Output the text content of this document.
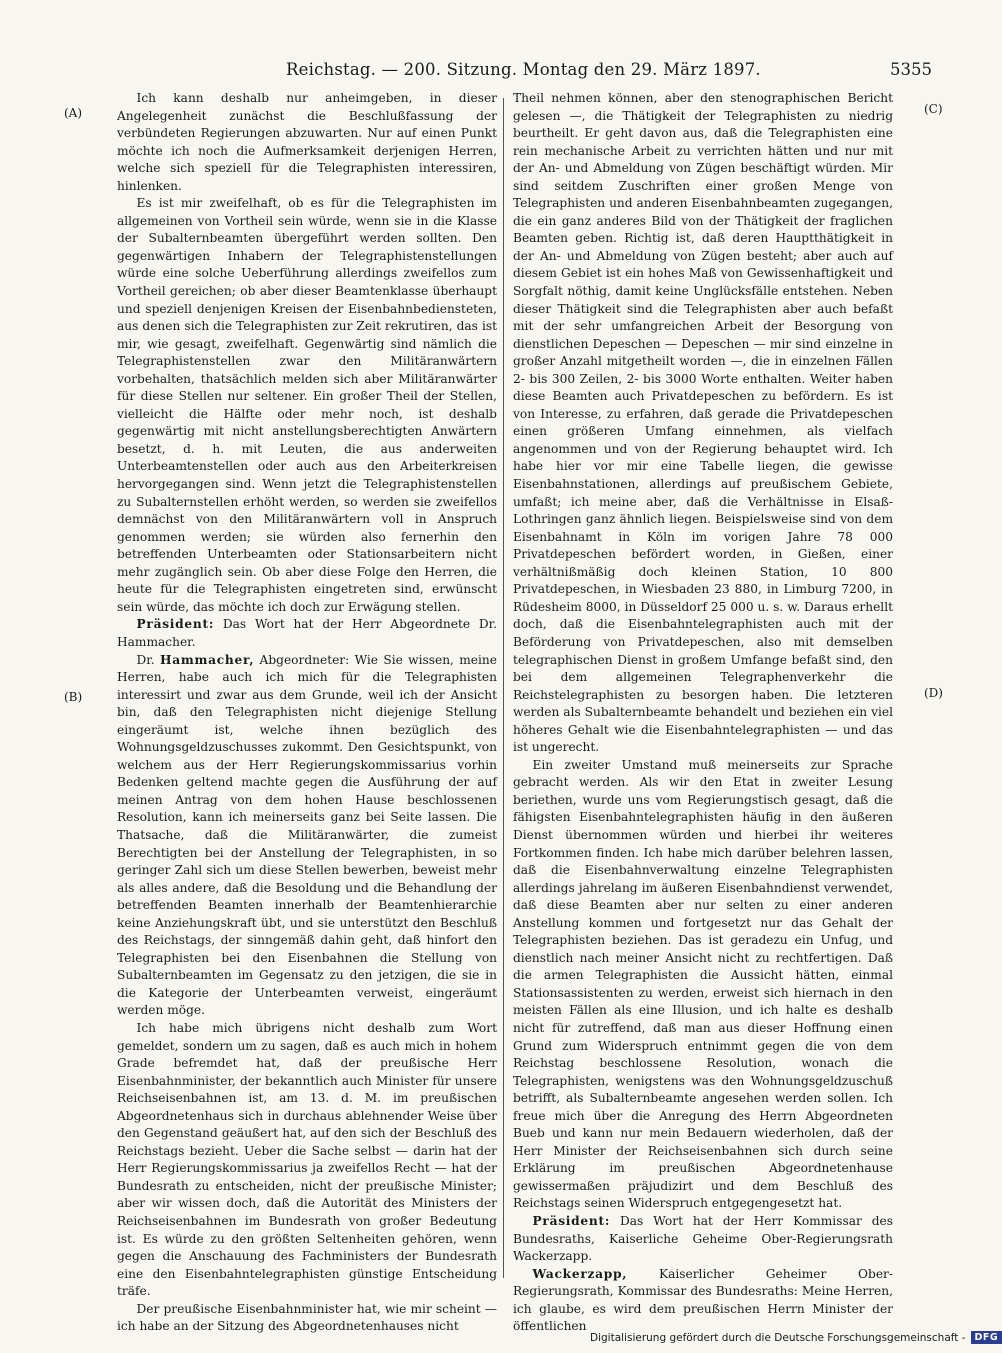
Reichstag. — 200. Sitzung. Montag den 29. März 1897.	5355
(A)
(B)
(C)
(D)

Ich kann deshalb nur anheimgeben, in dieser Angelegenheit zunächst die Beschlußfassung der verbündeten Regierungen abzuwarten. Nur auf einen Punkt möchte ich noch die Aufmerksamkeit derjenigen Herren, welche sich speziell für die Telegraphisten interessiren, hinlenken.

Es ist mir zweifelhaft, ob es für die Telegraphisten im allgemeinen von Vortheil sein würde, wenn sie in die Klasse der Subalternbeamten übergeführt werden sollten. Den gegenwärtigen Inhabern der Telegraphistenstellungen würde eine solche Ueberführung allerdings zweifellos zum Vortheil gereichen; ob aber dieser Beamtenklasse überhaupt und speziell denjenigen Kreisen der Eisenbahnbediensteten, aus denen sich die Telegraphisten zur Zeit rekrutiren, das ist mir, wie gesagt, zweifelhaft. Gegenwärtig sind nämlich die Telegraphistenstellen zwar den Militäranwärtern vorbehalten, thatsächlich melden sich aber Militäranwärter für diese Stellen nur seltener. Ein großer Theil der Stellen, vielleicht die Hälfte oder mehr noch, ist deshalb gegenwärtig mit nicht anstellungsberechtigten Anwärtern besetzt, d. h. mit Leuten, die aus anderweiten Unterbeamtenstellen oder auch aus den Arbeiterkreisen hervorgegangen sind. Wenn jetzt die Telegraphistenstellen zu Subalternstellen erhöht werden, so werden sie zweifellos demnächst von den Militäranwärtern voll in Anspruch genommen werden; sie würden also fernerhin den betreffenden Unterbeamten oder Stationsarbeitern nicht mehr zugänglich sein. Ob aber diese Folge den Herren, die heute für die Telegraphisten eingetreten sind, erwünscht sein würde, das möchte ich doch zur Erwägung stellen.

Präsident: Das Wort hat der Herr Abgeordnete Dr. Hammacher.

Dr. Hammacher, Abgeordneter: Wie Sie wissen, meine Herren, habe auch ich mich für die Telegraphisten interessirt und zwar aus dem Grunde, weil ich der Ansicht bin, daß den Telegraphisten nicht diejenige Stellung eingeräumt ist, welche ihnen bezüglich des Wohnungsgeldzuschusses zukommt. Den Gesichtspunkt, von welchem aus der Herr Regierungskommissarius vorhin Bedenken geltend machte gegen die Ausführung der auf meinen Antrag von dem hohen Hause beschlossenen Resolution, kann ich meinerseits ganz bei Seite lassen. Die Thatsache, daß die Militäranwärter, die zumeist Berechtigten bei der Anstellung der Telegraphisten, in so geringer Zahl sich um diese Stellen bewerben, beweist mehr als alles andere, daß die Besoldung und die Behandlung der betreffenden Beamten innerhalb der Beamtenhierarchie keine Anziehungskraft übt, und sie unterstützt den Beschluß des Reichstags, der sinngemäß dahin geht, daß hinfort den Telegraphisten bei den Eisenbahnen die Stellung von Subalternbeamten im Gegensatz zu den jetzigen, die sie in die Kategorie der Unterbeamten verweist, eingeräumt werden möge.

Ich habe mich übrigens nicht deshalb zum Wort gemeldet, sondern um zu sagen, daß es auch mich in hohem Grade befremdet hat, daß der preußische Herr Eisenbahnminister, der bekanntlich auch Minister für unsere Reichseisenbahnen ist, am 13. d. M. im preußischen Abgeordnetenhaus sich in durchaus ablehnender Weise über den Gegenstand geäußert hat, auf den sich der Beschluß des Reichstags bezieht. Ueber die Sache selbst — darin hat der Herr Regierungskommissarius ja zweifellos Recht — hat der Bundesrath zu entscheiden, nicht der preußische Minister; aber wir wissen doch, daß die Autorität des Ministers der Reichseisenbahnen im Bundesrath von großer Bedeutung ist. Es würde zu den größten Seltenheiten gehören, wenn gegen die Anschauung des Fachministers der Bundesrath eine den Eisenbahntelegraphisten günstige Entscheidung träfe.

Der preußische Eisenbahnminister hat, wie mir scheint — ich habe an der Sitzung des Abgeordnetenhauses nicht

Theil nehmen können, aber den stenographischen Bericht gelesen —, die Thätigkeit der Telegraphisten zu niedrig beurtheilt. Er geht davon aus, daß die Telegraphisten eine rein mechanische Arbeit zu verrichten hätten und nur mit der An- und Abmeldung von Zügen beschäftigt würden. Mir sind seitdem Zuschriften einer großen Menge von Telegraphisten und anderen Eisenbahnbeamten zugegangen, die ein ganz anderes Bild von der Thätigkeit der fraglichen Beamten geben. Richtig ist, daß deren Hauptthätigkeit in der An- und Abmeldung von Zügen besteht; aber auch auf diesem Gebiet ist ein hohes Maß von Gewissenhaftigkeit und Sorgfalt nöthig, damit keine Unglücksfälle entstehen. Neben dieser Thätigkeit sind die Telegraphisten aber auch befaßt mit der sehr umfangreichen Arbeit der Besorgung von dienstlichen Depeschen — Depeschen — mir sind einzelne in großer Anzahl mitgetheilt worden —, die in einzelnen Fällen 2- bis 300 Zeilen, 2- bis 3000 Worte enthalten. Weiter haben diese Beamten auch Privatdepeschen zu befördern. Es ist von Interesse, zu erfahren, daß gerade die Privatdepeschen einen größeren Umfang einnehmen, als vielfach angenommen und von der Regierung behauptet wird. Ich habe hier vor mir eine Tabelle liegen, die gewisse Eisenbahnstationen, allerdings auf preußischem Gebiete, umfaßt; ich meine aber, daß die Verhältnisse in Elsaß-Lothringen ganz ähnlich liegen. Beispielsweise sind von dem Eisenbahnamt in Köln im vorigen Jahre 78 000 Privatdepeschen befördert worden, in Gießen, einer verhältnißmäßig doch kleinen Station, 10 800 Privatdepeschen, in Wiesbaden 23 880, in Limburg 7200, in Rüdesheim 8000, in Düsseldorf 25 000 u. s. w. Daraus erhellt doch, daß die Eisenbahntelegraphisten auch mit der Beförderung von Privatdepeschen, also mit demselben telegraphischen Dienst in großem Umfange befaßt sind, den bei dem allgemeinen Telegraphenverkehr die Reichstelegraphisten zu besorgen haben. Die letzteren werden als Subalternbeamte behandelt und beziehen ein viel höheres Gehalt wie die Eisenbahntelegraphisten — und das ist ungerecht.

Ein zweiter Umstand muß meinerseits zur Sprache gebracht werden. Als wir den Etat in zweiter Lesung beriethen, wurde uns vom Regierungstisch gesagt, daß die fähigsten Eisenbahntelegraphisten häufig in den äußeren Dienst übernommen würden und hierbei ihr weiteres Fortkommen finden. Ich habe mich darüber belehren lassen, daß die Eisenbahnverwaltung einzelne Telegraphisten allerdings jahrelang im äußeren Eisenbahndienst verwendet, daß diese Beamten aber nur selten zu einer anderen Anstellung kommen und fortgesetzt nur das Gehalt der Telegraphisten beziehen. Das ist geradezu ein Unfug, und dienstlich nach meiner Ansicht nicht zu rechtfertigen. Daß die armen Telegraphisten die Aussicht hätten, einmal Stationsassistenten zu werden, erweist sich hiernach in den meisten Fällen als eine Illusion, und ich halte es deshalb nicht für zutreffend, daß man aus dieser Hoffnung einen Grund zum Widerspruch entnimmt gegen die von dem Reichstag beschlossene Resolution, wonach die Telegraphisten, wenigstens was den Wohnungsgeldzuschuß betrifft, als Subalternbeamte angesehen werden sollen. Ich freue mich über die Anregung des Herrn Abgeordneten Bueb und kann nur mein Bedauern wiederholen, daß der Herr Minister der Reichseisenbahnen sich durch seine Erklärung im preußischen Abgeordnetenhause gewissermaßen präjudizirt und dem Beschluß des Reichstags seinen Widerspruch entgegengesetzt hat.

Präsident: Das Wort hat der Herr Kommissar des Bundesraths, Kaiserliche Geheime Ober-Regierungsrath Wackerzapp.

Wackerzapp, Kaiserlicher Geheimer Ober-Regierungsrath, Kommissar des Bundesraths: Meine Herren, ich glaube, es wird dem preußischen Herrn Minister der öffentlichen

Digitalisierung gefördert durch die Deutsche Forschungsgemeinschaft - DFG
